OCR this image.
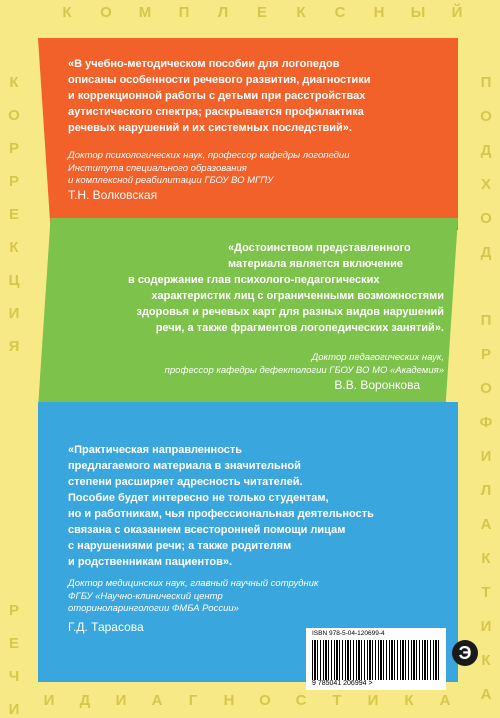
К О М П Л Е К С Н Ы Й
К
О
Р
Р
Е
К
Ц
И
Я
Р
Е
Ч
И
П
О
Д
Х
О
Д
П
Р
О
Ф
И
Л
А
К
Т
И
К
А
И Д И А	Г	Н О С Т И К А
«В учебно-методическом пособии для логопедов
описаны особенности речевого развития, диагностики
и коррекционной работы с детьми при расстройствах
аутистического спектра; раскрывается профилактика
речевых нарушений и их системных последствий».
Доктор психологических наук, профессор кафедры логопедии
Института специального образования
и комплексной реабилитации ГБОУ ВО МГПУ
Т.Н. Волковская
«Достоинством представленного
материала является включение
в содержание глав психолого-педагогических
характеристик лиц с ограниченными возможностями
здоровья и речевых карт для разных видов нарушений
речи, а также фрагментов логопедических занятий».
Доктор педагогических наук,
профессор кафедры дефектологии ГБОУ ВО МО «Академия»
В.В. Воронкова
«Практическая направленность
предлагаемого материала в значительной
степени расширяет адресность читателей.
Пособие будет интересно не только студентам,
но и работникам, чья профессиональная деятельность
связана с оказанием всесторонней помощи лицам
с нарушениями речи; а также родителям
и родственникам пациентов».
Доктор медицинских наук, главный научный сотрудник
ФГБУ «Научно-клинический центр
оториноларингологии ФМБА России»
Г.Д. Тарасова	ISBN 978-5-04-120699-4
9 785041 206994 >
Э
